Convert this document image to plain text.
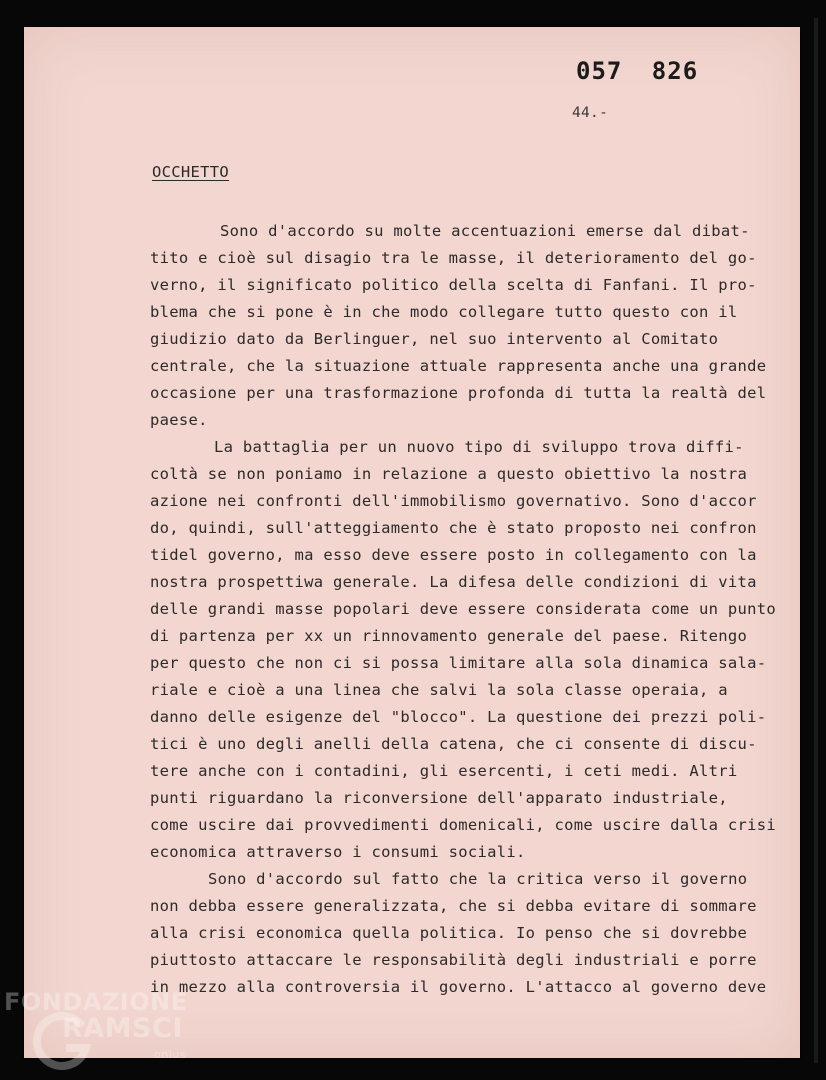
057 826
44.-
OCCHETTO
Sono d'accordo su molte accentuazioni emerse dal dibat-
tito e cioè sul disagio tra le masse, il deterioramento del go-
verno, il significato politico della scelta di Fanfani. Il pro-
blema che si pone è in che modo collegare tutto questo con il
giudizio dato da Berlinguer, nel suo intervento al Comitato
centrale, che la situazione attuale rappresenta anche una grande
occasione per una trasformazione profonda di tutta la realtà del
paese.
La battaglia per un nuovo tipo di sviluppo trova diffi-
coltà se non poniamo in relazione a questo obiettivo la nostra
azione nei confronti dell'immobilismo governativo. Sono d'accor
do, quindi, sull'atteggiamento che è stato proposto nei confron
tidel governo, ma esso deve essere posto in collegamento con la
nostra prospettiwa generale. La difesa delle condizioni di vita
delle grandi masse popolari deve essere considerata come un punto
di partenza per xx un rinnovamento generale del paese. Ritengo
per questo che non ci si possa limitare alla sola dinamica sala-
riale e cioè a una linea che salvi la sola classe operaia, a
danno delle esigenze del "blocco". La questione dei prezzi poli-
tici è uno degli anelli della catena, che ci consente di discu-
tere anche con i contadini, gli esercenti, i ceti medi. Altri
punti riguardano la riconversione dell'apparato industriale,
come uscire dai provvedimenti domenicali, come uscire dalla crisi
economica attraverso i consumi sociali.
Sono d'accordo sul fatto che la critica verso il governo
non debba essere generalizzata, che si debba evitare di sommare
alla crisi economica quella politica. Io penso che si dovrebbe
piuttosto attaccare le responsabilità degli industriali e porre
in mezzo alla controversia il governo. L'attacco al governo deve
FONDAZIONE
RAMSCI
onlus
